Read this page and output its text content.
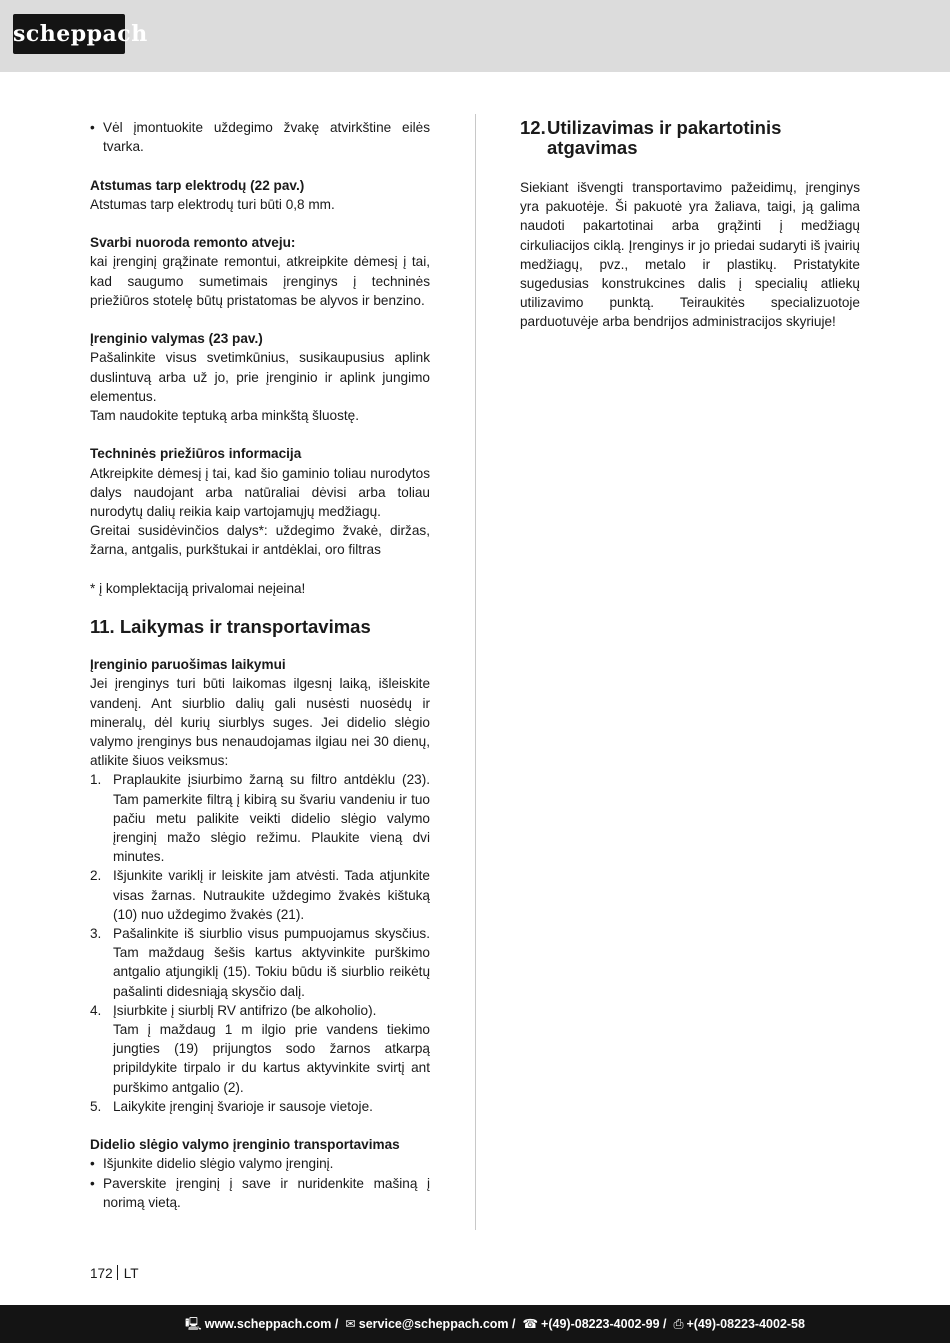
scheppach
• Vėl įmontuokite uždegimo žvakę atvirkštine eilės tvarka.

Atstumas tarp elektrodų (22 pav.)

Atstumas tarp elektrodų turi būti 0,8 mm.

Svarbi nuoroda remonto atveju:

kai įrenginį grąžinate remontui, atkreipkite dėmesį į tai, kad saugumo sumetimais įrenginys į techninės priežiūros stotelę būtų pristatomas be alyvos ir benzino.

Įrenginio valymas (23 pav.)

Pašalinkite visus svetimkūnius, susikaupusius aplink duslintuvą arba už jo, prie įrenginio ir aplink jungimo elementus.

Tam naudokite teptuką arba minkštą šluostę.

Techninės priežiūros informacija

Atkreipkite dėmesį į tai, kad šio gaminio toliau nurodytos dalys naudojant arba natūraliai dėvisi arba toliau nurodytų dalių reikia kaip vartojamųjų medžiagų.

Greitai susidėvinčios dalys*: uždegimo žvakė, diržas, žarna, antgalis, purkštukai ir antdėklai, oro filtras

* į komplektaciją privalomai neįeina!

11. Laikymas ir transportavimas

Įrenginio paruošimas laikymui

Jei įrenginys turi būti laikomas ilgesnį laiką, išleiskite vandenį. Ant siurblio dalių gali nusėsti nuosėdų ir mineralų, dėl kurių siurblys suges. Jei didelio slėgio valymo įrenginys bus nenaudojamas ilgiau nei 30 dienų, atlikite šiuos veiksmus:

1. Praplaukite įsiurbimo žarną su filtro antdėklu (23). Tam pamerkite filtrą į kibirą su švariu vandeniu ir tuo pačiu metu palikite veikti didelio slėgio valymo įrenginį mažo slėgio režimu. Plaukite vieną dvi minutes.
2. Išjunkite variklį ir leiskite jam atvėsti. Tada atjunkite visas žarnas. Nutraukite uždegimo žvakės kištuką (10) nuo uždegimo žvakės (21).
3. Pašalinkite iš siurblio visus pumpuojamus skysčius. Tam maždaug šešis kartus aktyvinkite purškimo antgalio atjungiklį (15). Tokiu būdu iš siurblio reikėtų pašalinti didesniąją skysčio dalį.
4. Įsiurbkite į siurblį RV antifrizo (be alkoholio).
Tam į maždaug 1 m ilgio prie vandens tiekimo jungties (19) prijungtos sodo žarnos atkarpą pripildykite tirpalo ir du kartus aktyvinkite svirtį ant purškimo antgalio (2).
5. Laikykite įrenginį švarioje ir sausoje vietoje.

Didelio slėgio valymo įrenginio transportavimas

• Išjunkite didelio slėgio valymo įrenginį.
• Paverskite įrenginį į save ir nuridenkite mašiną į norimą vietą.
12.Utilizavimas ir pakartotinis atgavimas

Siekiant išvengti transportavimo pažeidimų, įrenginys yra pakuotėje. Ši pakuotė yra žaliava, taigi, ją galima naudoti pakartotinai arba grąžinti į medžiagų cirkuliacijos ciklą. Įrenginys ir jo priedai sudaryti iš įvairių medžiagų, pvz., metalo ir plastikų. Pristatykite sugedusias konstrukcines dalis į specialių atliekų utilizavimo punktą. Teiraukitės specializuotoje parduotuvėje arba bendrijos administracijos skyriuje!

172 LT
🖳 www.scheppach.com / ✉ service@scheppach.com / ☎ +(49)-08223-4002-99 / ⎙ +(49)-08223-4002-58
